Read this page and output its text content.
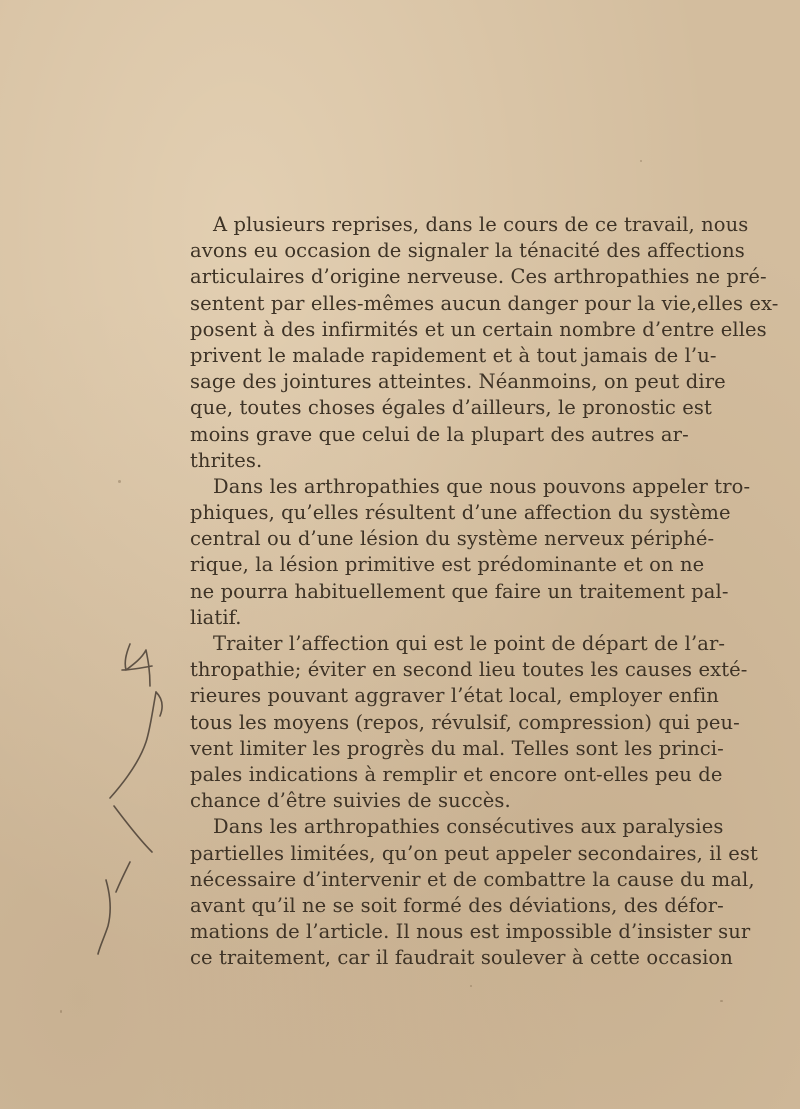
A plusieurs reprises, dans le cours de ce travail, nous
avons eu occasion de signaler la ténacité des affections
articulaires d’origine nerveuse. Ces arthropathies ne pré-
sentent par elles-mêmes aucun danger pour la vie,elles ex-
posent à des infirmités et un certain nombre d’entre elles
privent le malade rapidement et à tout jamais de l’u-
sage des jointures atteintes. Néanmoins, on peut dire
que, toutes choses égales d’ailleurs, le pronostic est
moins grave que celui de la plupart des autres ar-
thrites.
Dans les arthropathies que nous pouvons appeler tro-
phiques, qu’elles résultent d’une affection du système
central ou d’une lésion du système nerveux périphé-
rique, la lésion primitive est prédominante et on ne
ne pourra habituellement que faire un traitement pal-
liatif.
Traiter l’affection qui est le point de départ de l’ar-
thropathie; éviter en second lieu toutes les causes exté-
rieures pouvant aggraver l’état local, employer enfin
tous les moyens (repos, révulsif, compression) qui peu-
vent limiter les progrès du mal. Telles sont les princi-
pales indications à remplir et encore ont-elles peu de
chance d’être suivies de succès.
Dans les arthropathies consécutives aux paralysies
partielles limitées, qu’on peut appeler secondaires, il est
nécessaire d’intervenir et de combattre la cause du mal,
avant qu’il ne se soit formé des déviations, des défor-
mations de l’article. Il nous est impossible d’insister sur
ce traitement, car il faudrait soulever à cette occasion
